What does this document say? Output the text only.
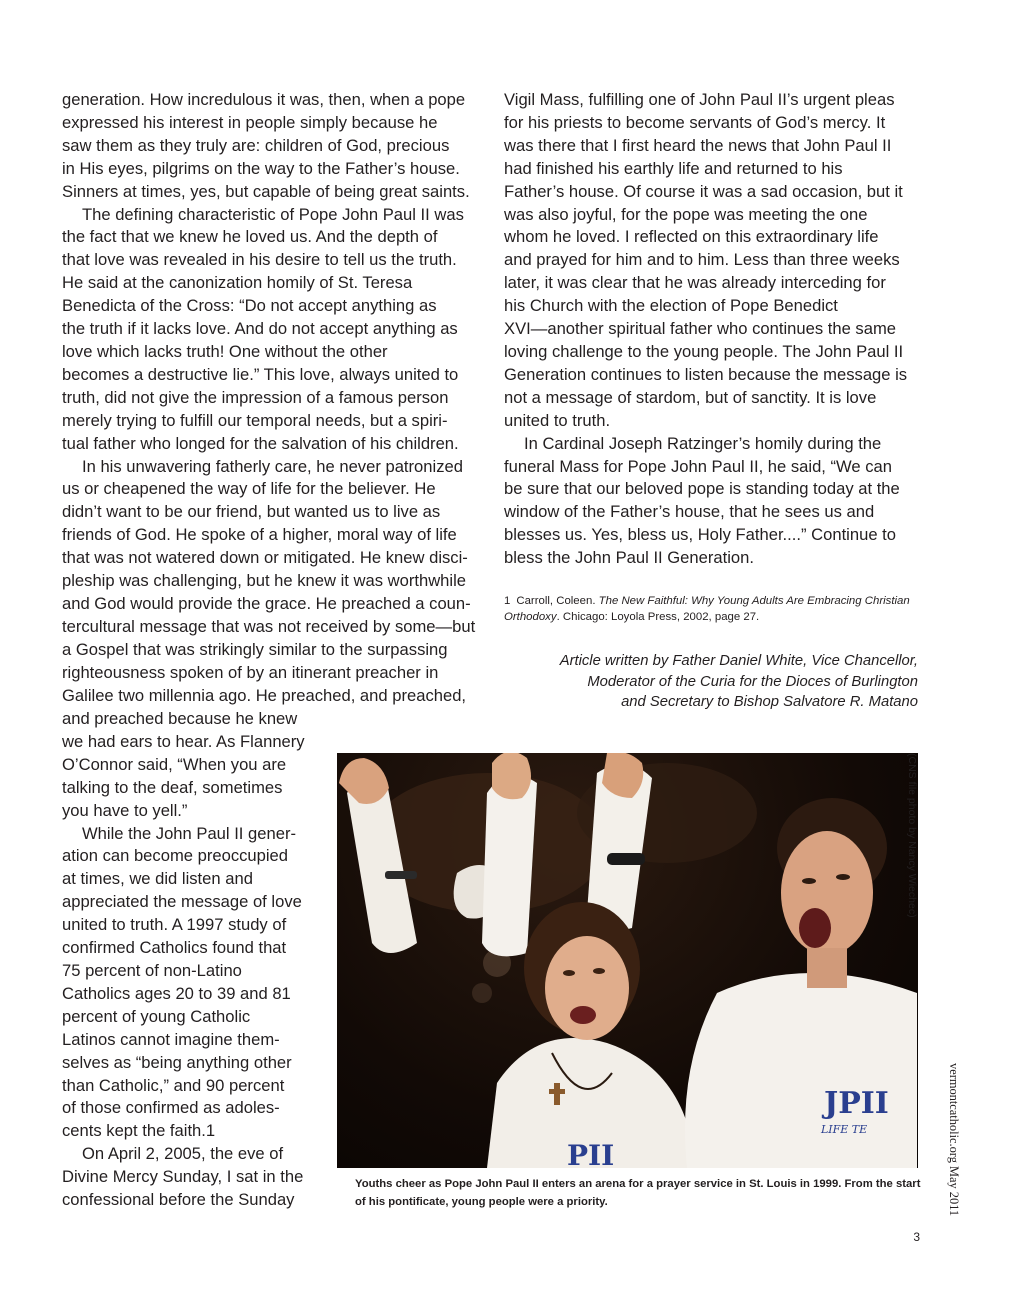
generation. How incredulous it was, then, when a pope
expressed his interest in people simply because he
saw them as they truly are: children of God, precious
in His eyes, pilgrims on the way to the Father’s house.
Sinners at times, yes, but capable of being great saints.

The defining characteristic of Pope John Paul II was
the fact that we knew he loved us. And the depth of
that love was revealed in his desire to tell us the truth.
He said at the canonization homily of St. Teresa
Benedicta of the Cross: “Do not accept anything as
the truth if it lacks love. And do not accept anything as
love which lacks truth! One without the other
becomes a destructive lie.” This love, always united to
truth, did not give the impression of a famous person
merely trying to fulfill our temporal needs, but a spiri-
tual father who longed for the salvation of his children.

In his unwavering fatherly care, he never patronized
us or cheapened the way of life for the believer. He
didn’t want to be our friend, but wanted us to live as
friends of God. He spoke of a higher, moral way of life
that was not watered down or mitigated. He knew disci-
pleship was challenging, but he knew it was worthwhile
and God would provide the grace. He preached a coun-
tercultural message that was not received by some—but
a Gospel that was strikingly similar to the surpassing
righteousness spoken of by an itinerant preacher in
Galilee two millennia ago. He preached, and preached,

and preached because he knew
we had ears to hear. As Flannery
O’Connor said, “When you are
talking to the deaf, sometimes
you have to yell.”

While the John Paul II gener-
ation can become preoccupied
at times, we did listen and
appreciated the message of love
united to truth. A 1997 study of
confirmed Catholics found that
75 percent of non-Latino
Catholics ages 20 to 39 and 81
percent of young Catholic
Latinos cannot imagine them-
selves as “being anything other
than Catholic,” and 90 percent
of those confirmed as adoles-
cents kept the faith.1

On April 2, 2005, the eve of
Divine Mercy Sunday, I sat in the
confessional before the Sunday

Vigil Mass, fulfilling one of John Paul II’s urgent pleas
for his priests to become servants of God’s mercy. It
was there that I first heard the news that John Paul II
had finished his earthly life and returned to his
Father’s house. Of course it was a sad occasion, but it
was also joyful, for the pope was meeting the one
whom he loved. I reflected on this extraordinary life
and prayed for him and to him. Less than three weeks
later, it was clear that he was already interceding for
his Church with the election of Pope Benedict
XVI—another spiritual father who continues the same
loving challenge to the young people. The John Paul II
Generation continues to listen because the message is
not a message of stardom, but of sanctity. It is love
united to truth.

In Cardinal Joseph Ratzinger’s homily during the
funeral Mass for Pope John Paul II, he said, “We can
be sure that our beloved pope is standing today at the
window of the Father’s house, that he sees us and
blesses us. Yes, bless us, Holy Father....” Continue to
bless the John Paul II Generation.

1 Carroll, Coleen. The New Faithful: Why Young Adults Are Embracing Christian Orthodoxy. Chicago: Loyola Press, 2002, page 27.
Article written by Father Daniel White, Vice Chancellor,
Moderator of the Curia for the Dioces of Burlington
and Secretary to Bishop Salvatore R. Matano
JPII
LIFE TE
PII
(CNS file photo by Nancy Wiechec)
Youths cheer as Pope John Paul II enters an arena for a prayer service in St. Louis in 1999. From the start of his pontificate, young people were a priority.	vermontcatholic.org May 2011
3
